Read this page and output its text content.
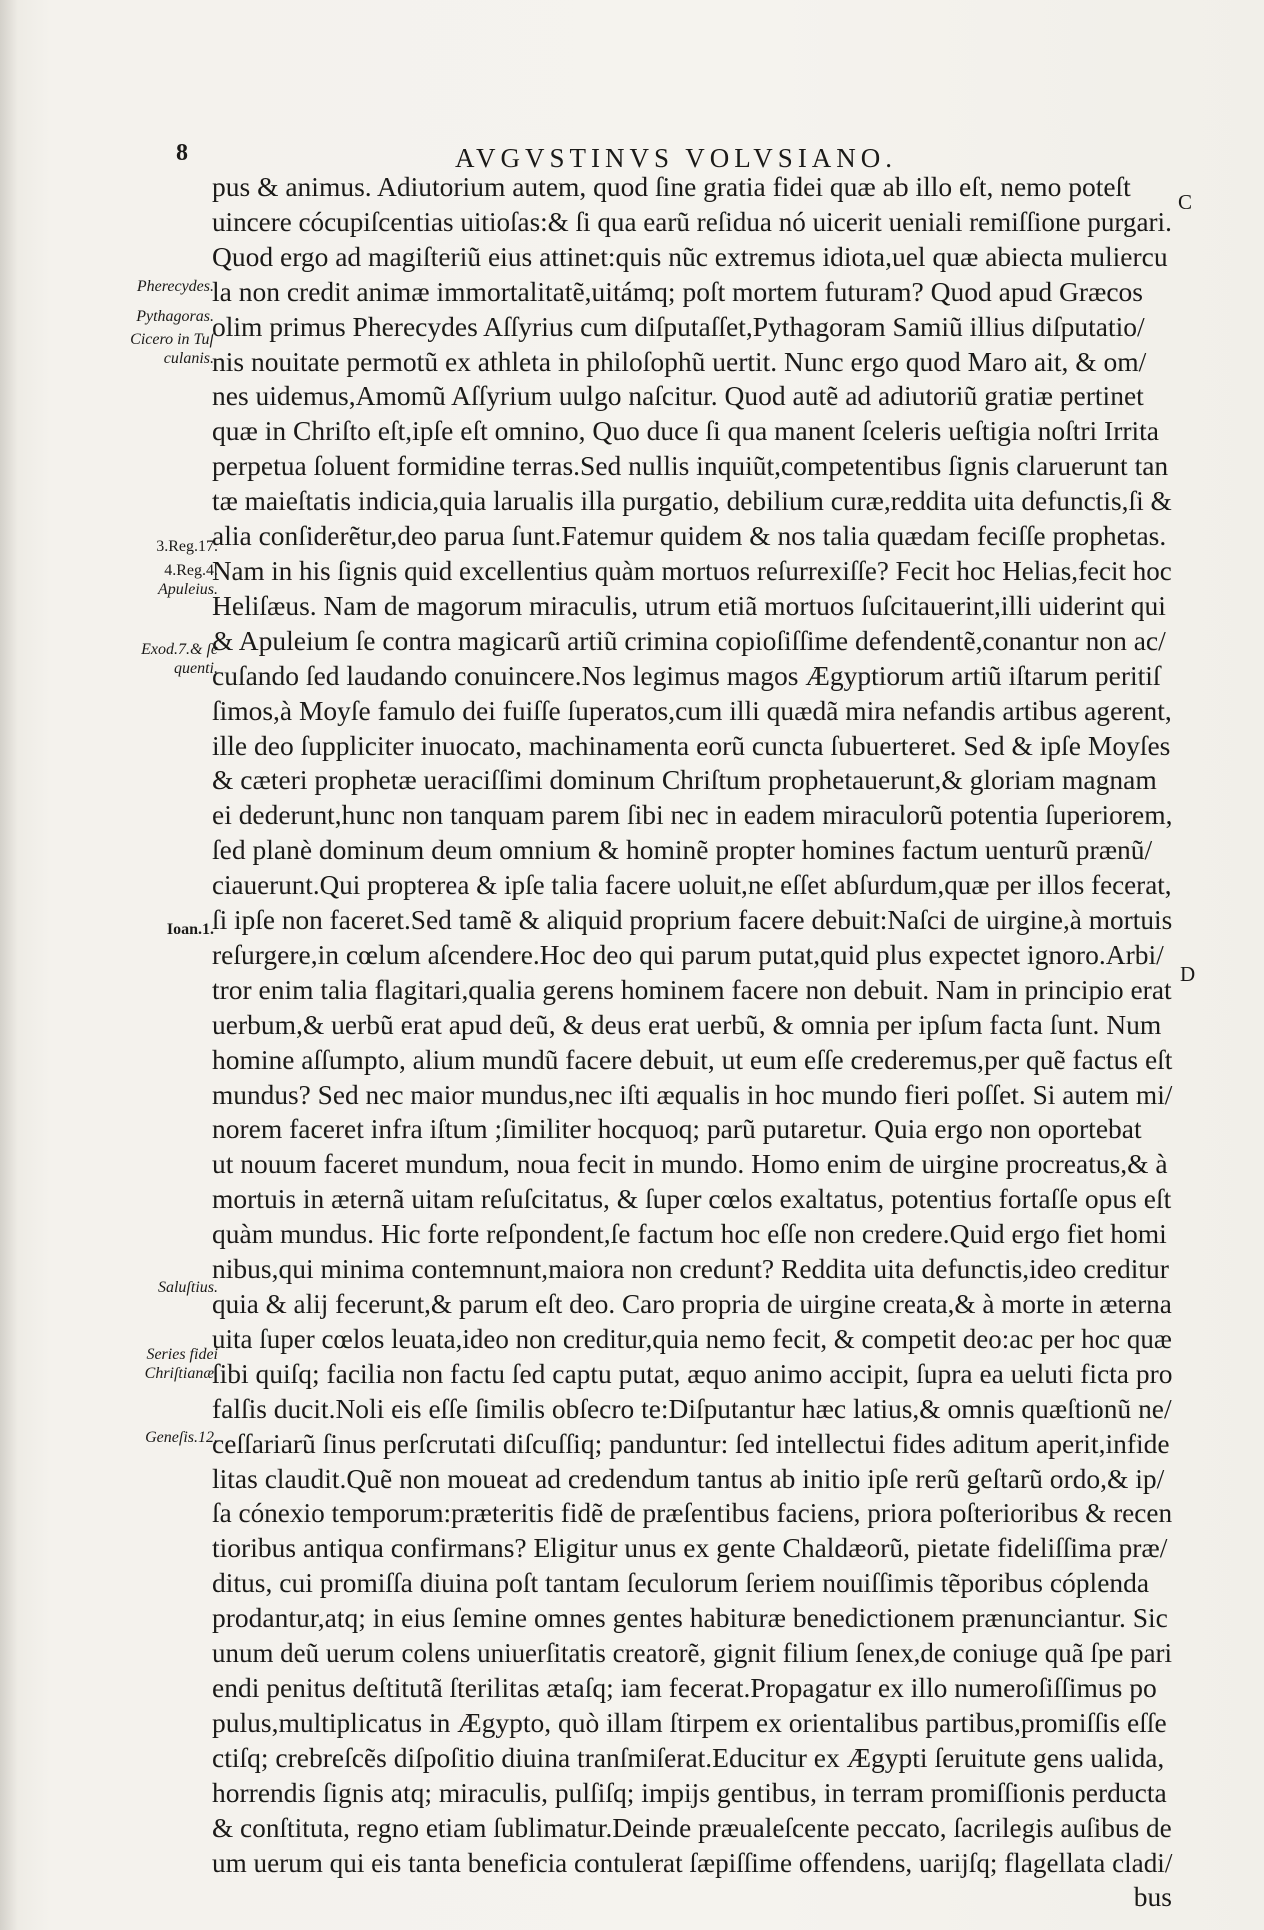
8	AVGVSTINVS VOLVSIANO.
C
D
Pherecydes.
Pythagoras.
Cicero in Tuſ culanis.
3.Reg.17.
4.Reg.4.
Apuleius.
Exod.7.& ſe quenti.
Ioan.1.
Saluſtius.
Series fidei Chriſtianæ.
Geneſis.12.
pus & animus. Adiutorium autem, quod ſine gratia fidei quæ ab illo eſt, nemo poteſt
uincere cócupiſcentias uitioſas:& ſi qua earũ reſidua nó uicerit ueniali remiſſione purgari.
Quod ergo ad magiſteriũ eius attinet:quis nũc extremus idiota,uel quæ abiecta muliercu
la non credit animæ immortalitatẽ,uitámq; poſt mortem futuram? Quod apud Græcos
olim primus Pherecydes Aſſyrius cum diſputaſſet,Pythagoram Samiũ illius diſputatio/
nis nouitate permotũ ex athleta in philoſophũ uertit. Nunc ergo quod Maro ait, & om/
nes uidemus,Amomũ Aſſyrium uulgo naſcitur. Quod autẽ ad adiutoriũ gratiæ pertinet
quæ in Chriſto eſt,ipſe eſt omnino, Quo duce ſi qua manent ſceleris ueſtigia noſtri Irrita
perpetua ſoluent formidine terras.Sed nullis inquiũt,competentibus ſignis claruerunt tan
tæ maieſtatis indicia,quia larualis illa purgatio, debilium curæ,reddita uita defunctis,ſi &
alia conſiderẽtur,deo parua ſunt.Fatemur quidem & nos talia quædam feciſſe prophetas.
Nam in his ſignis quid excellentius quàm mortuos reſurrexiſſe? Fecit hoc Helias,fecit hoc
Heliſæus. Nam de magorum miraculis, utrum etiã mortuos ſuſcitauerint,illi uiderint qui
& Apuleium ſe contra magicarũ artiũ crimina copioſiſſime defendentẽ,conantur non ac/
cuſando ſed laudando conuincere.Nos legimus magos Ægyptiorum artiũ iſtarum peritiſ
ſimos,à Moyſe famulo dei fuiſſe ſuperatos,cum illi quædã mira nefandis artibus agerent,
ille deo ſuppliciter inuocato, machinamenta eorũ cuncta ſubuerteret. Sed & ipſe Moyſes
& cæteri prophetæ ueraciſſimi dominum Chriſtum prophetauerunt,& gloriam magnam
ei dederunt,hunc non tanquam parem ſibi nec in eadem miraculorũ potentia ſuperiorem,
ſed planè dominum deum omnium & hominẽ propter homines factum uenturũ prænũ/
ciauerunt.Qui propterea & ipſe talia facere uoluit,ne eſſet abſurdum,quæ per illos fecerat,
ſi ipſe non faceret.Sed tamẽ & aliquid proprium facere debuit:Naſci de uirgine,à mortuis
reſurgere,in cœlum aſcendere.Hoc deo qui parum putat,quid plus expectet ignoro.Arbi/
tror enim talia flagitari,qualia gerens hominem facere non debuit. Nam in principio erat
uerbum,& uerbũ erat apud deũ, & deus erat uerbũ, & omnia per ipſum facta ſunt. Num
homine aſſumpto, alium mundũ facere debuit, ut eum eſſe crederemus,per quẽ factus eſt
mundus? Sed nec maior mundus,nec iſti æqualis in hoc mundo fieri poſſet. Si autem mi/
norem faceret infra iſtum ;ſimiliter hocquoq; parũ putaretur. Quia ergo non oportebat
ut nouum faceret mundum, noua fecit in mundo. Homo enim de uirgine procreatus,& à
mortuis in æternã uitam reſuſcitatus, & ſuper cœlos exaltatus, potentius fortaſſe opus eſt
quàm mundus. Hic forte reſpondent,ſe factum hoc eſſe non credere.Quid ergo fiet homi
nibus,qui minima contemnunt,maiora non credunt? Reddita uita defunctis,ideo creditur
quia & alij fecerunt,& parum eſt deo. Caro propria de uirgine creata,& à morte in æterna
uita ſuper cœlos leuata,ideo non creditur,quia nemo fecit, & competit deo:ac per hoc quæ
ſibi quiſq; facilia non factu ſed captu putat, æquo animo accipit, ſupra ea ueluti ficta pro
falſis ducit.Noli eis eſſe ſimilis obſecro te:Diſputantur hæc latius,& omnis quæſtionũ ne/
ceſſariarũ ſinus perſcrutati diſcuſſiq; panduntur: ſed intellectui fides aditum aperit,infide
litas claudit.Quẽ non moueat ad credendum tantus ab initio ipſe rerũ geſtarũ ordo,& ip/
ſa cónexio temporum:præteritis fidẽ de præſentibus faciens, priora poſterioribus & recen
tioribus antiqua confirmans? Eligitur unus ex gente Chaldæorũ, pietate fideliſſima præ/
ditus, cui promiſſa diuina poſt tantam ſeculorum ſeriem nouiſſimis tẽporibus cóplenda
prodantur,atq; in eius ſemine omnes gentes habituræ benedictionem prænunciantur. Sic
unum deũ uerum colens uniuerſitatis creatorẽ, gignit filium ſenex,de coniuge quã ſpe pari
endi penitus deſtitutã ſterilitas ætaſq; iam fecerat.Propagatur ex illo numeroſiſſimus po
pulus,multiplicatus in Ægypto, quò illam ſtirpem ex orientalibus partibus,promiſſis eſſe
ctiſq; crebreſcẽs diſpoſitio diuina tranſmiſerat.Educitur ex Ægypti ſeruitute gens ualida,
horrendis ſignis atq; miraculis, pulſiſq; impijs gentibus, in terram promiſſionis perducta
& conſtituta, regno etiam ſublimatur.Deinde præualeſcente peccato, ſacrilegis auſibus de
um uerum qui eis tanta beneficia contulerat ſæpiſſime offendens, uarijſq; flagellata cladi/
bus
